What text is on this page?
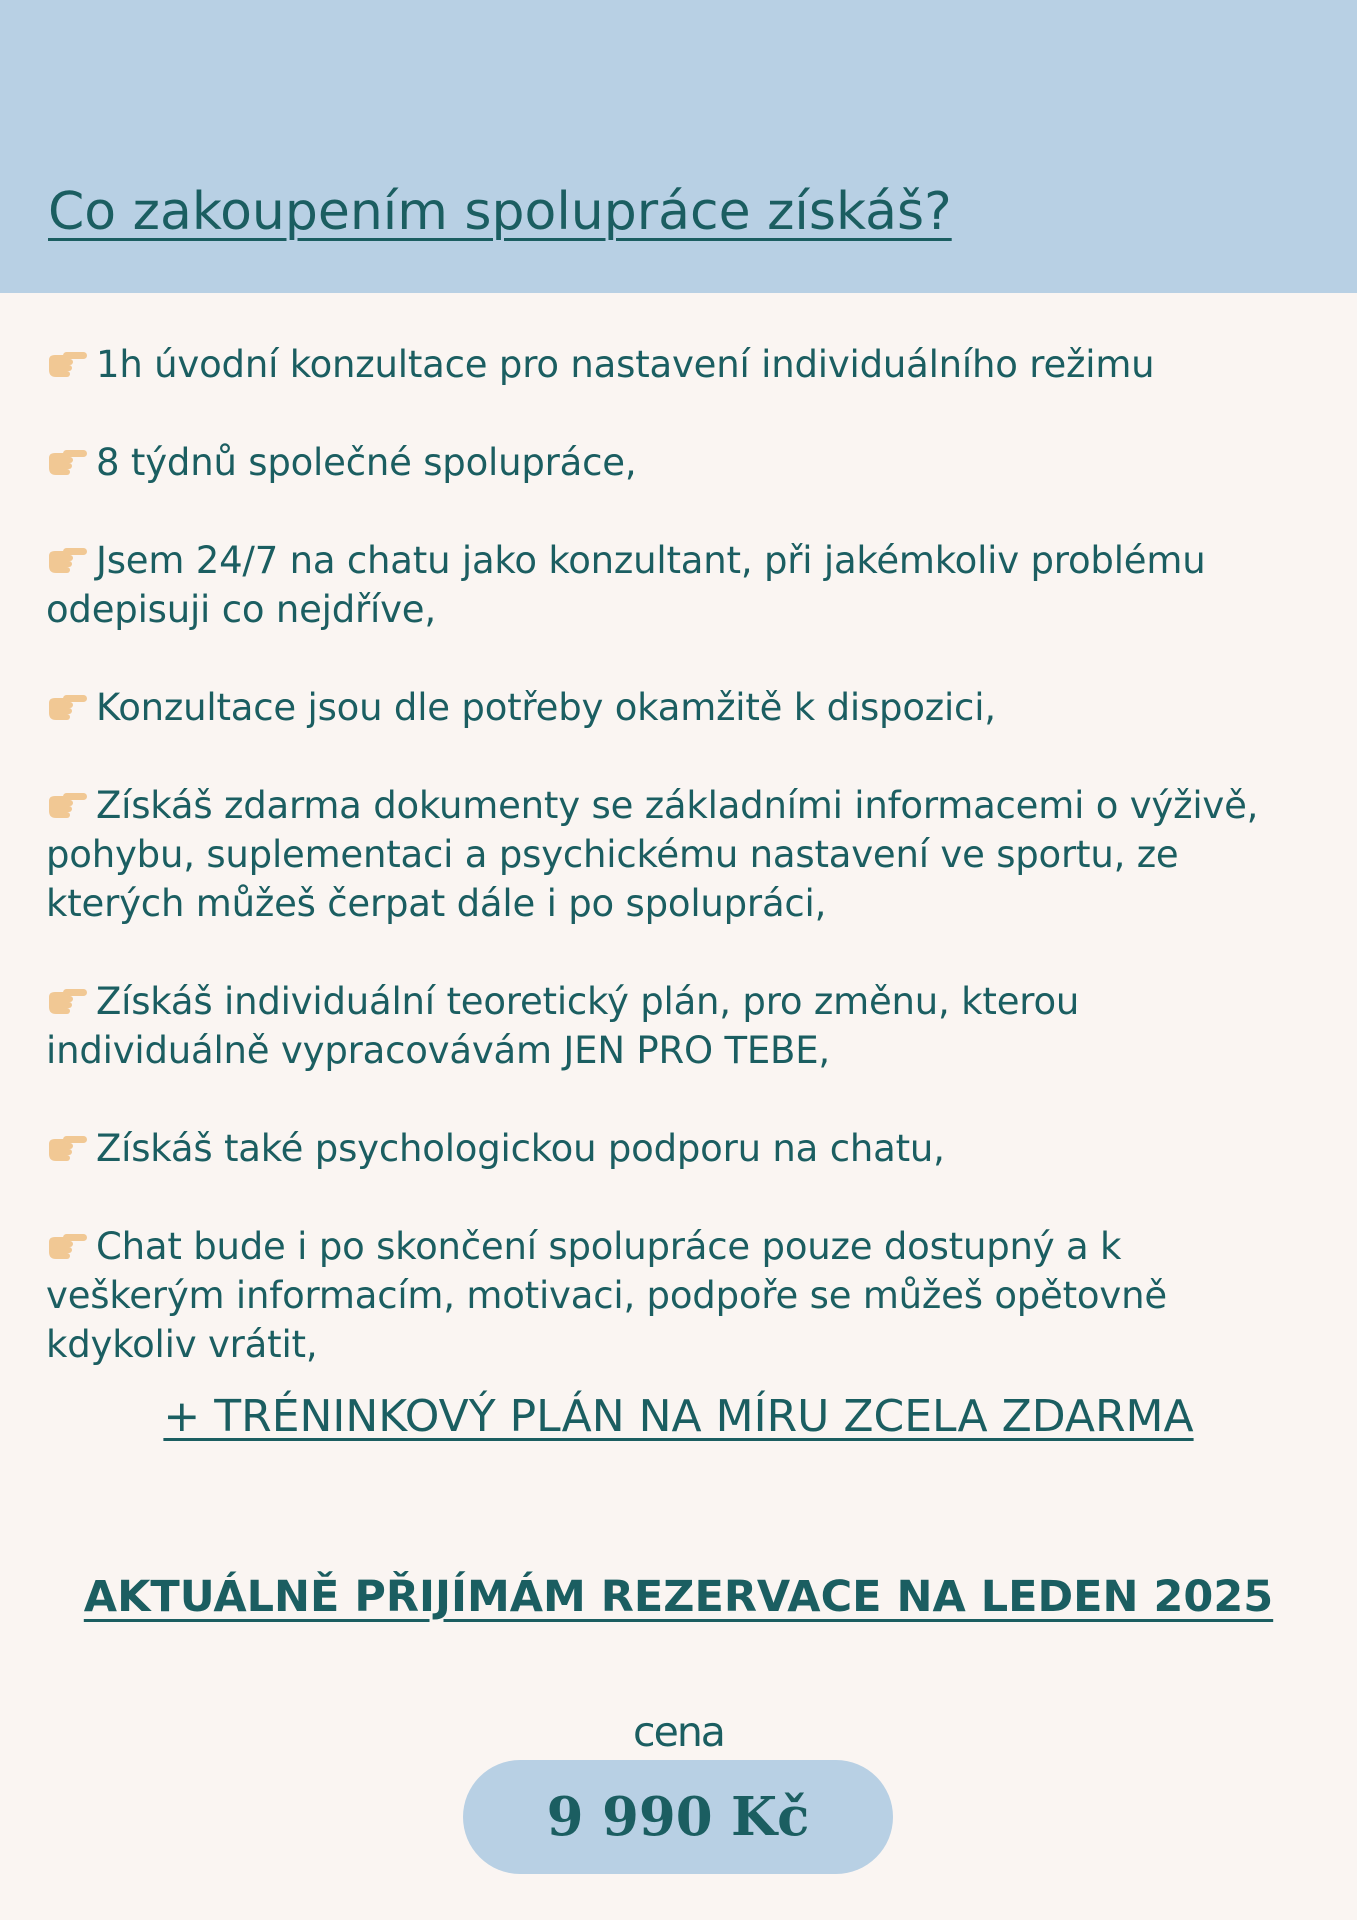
Co zakoupením spolupráce získáš?
1h úvodní konzultace pro nastavení individuálního režimu
8 týdnů společné spolupráce,
Jsem 24/7 na chatu jako konzultant, při jakémkoliv problému odepisuji co nejdříve,
Konzultace jsou dle potřeby okamžitě k dispozici,
Získáš zdarma dokumenty se základními informacemi o výživě, pohybu, suplementaci a psychickému nastavení ve sportu, ze kterých můžeš čerpat dále i po spolupráci,
Získáš individuální teoretický plán, pro změnu, kterou individuálně vypracovávám JEN PRO TEBE,
Získáš také psychologickou podporu na chatu,
Chat bude i po skončení spolupráce pouze dostupný a k veškerým informacím, motivaci, podpoře se můžeš opětovně kdykoliv vrátit,
+ TRÉNINKOVÝ PLÁN NA MÍRU ZCELA ZDARMA
AKTUÁLNĚ PŘIJÍMÁM REZERVACE NA LEDEN 2025
cena
9 990 Kč
